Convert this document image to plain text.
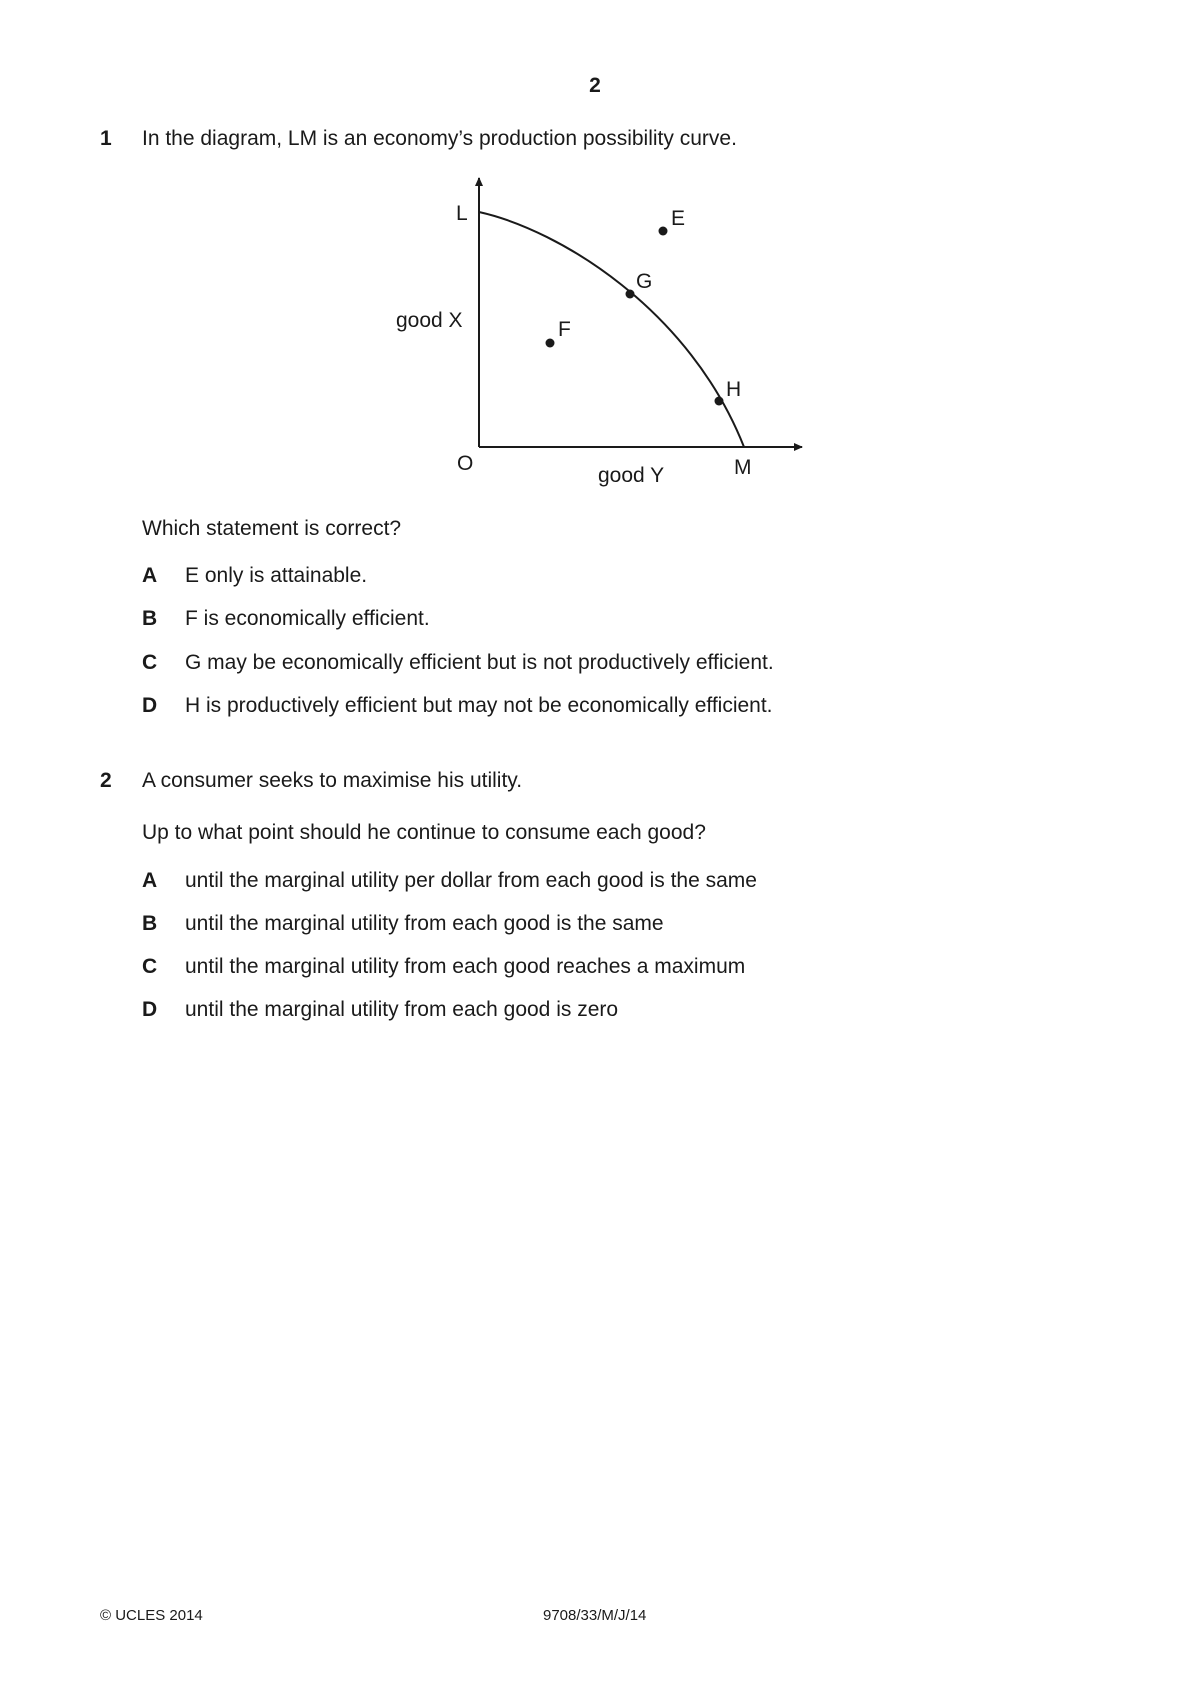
2
1 In the diagram, LM is an economy’s production possibility curve.
L	E
G
F
H
good X
O
good Y	M
Which statement is correct?
A E only is attainable.
B F is economically efficient.
C G may be economically efficient but is not productively efficient.
D H is productively efficient but may not be economically efficient.
2 A consumer seeks to maximise his utility.
Up to what point should he continue to consume each good?
A until the marginal utility per dollar from each good is the same
B until the marginal utility from each good is the same
C until the marginal utility from each good reaches a maximum
D until the marginal utility from each good is zero
© UCLES 2014	9708/33/M/J/14
